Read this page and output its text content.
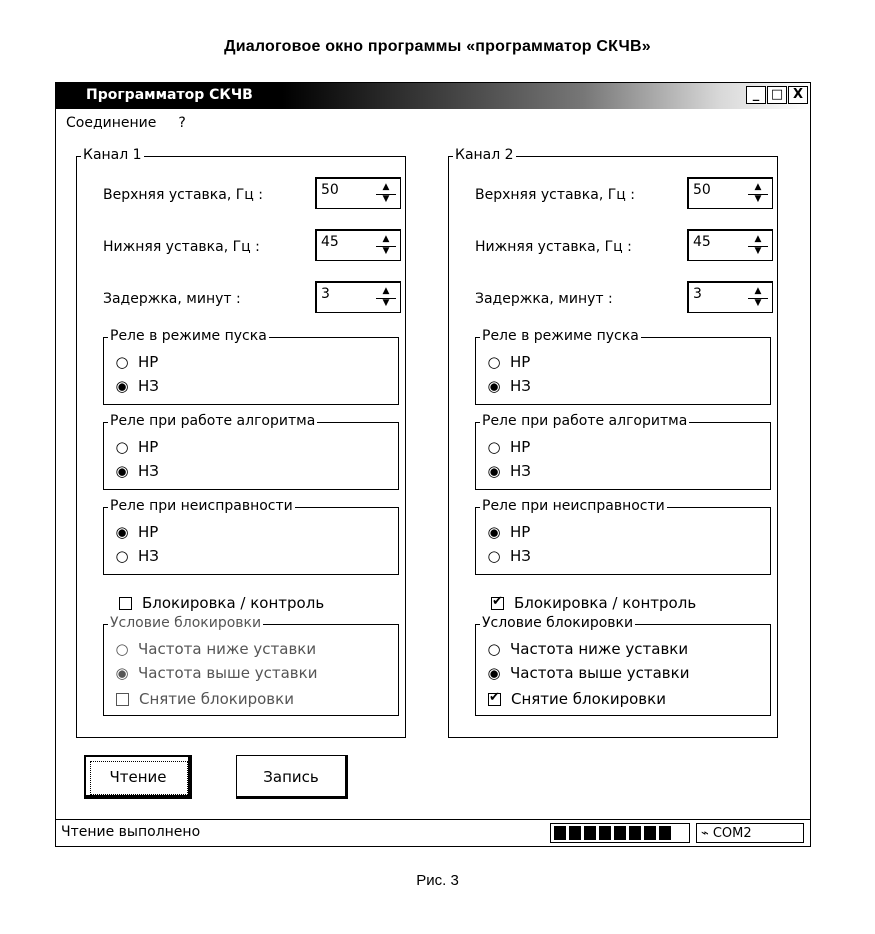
Диалоговое окно программы «программатор СКЧВ»
Программатор СКЧВ	_ □ X
Соединение ?
Канал 1
Верхняя уставка, Гц :	50	▲
▼
Нижняя уставка, Гц :	45	▲
▼
Задержка, минут :	3	▲
▼
Реле в режиме пуска
○ НР
◉ НЗ
Реле при работе алгоритма
○ НР
◉ НЗ
Реле при неисправности
◉ НР
○ НЗ
Блокировка / контроль
Условие блокировки
○ Частота ниже уставки
◉ Частота выше уставки
Снятие блокировки
Канал 2
Верхняя уставка, Гц :	50	▲
▼
Нижняя уставка, Гц :	45	▲
▼
Задержка, минут :	3	▲
▼
Реле в режиме пуска
○ НР
◉ НЗ
Реле при работе алгоритма
○ НР
◉ НЗ
Реле при неисправности
◉ НР
○ НЗ
✔
Блокировка / контроль
Условие блокировки
○ Частота ниже уставки
◉ Частота выше уставки
✔
Снятие блокировки
Чтение	Запись
Чтение выполнено	⌁ COM2
Рис. 3
